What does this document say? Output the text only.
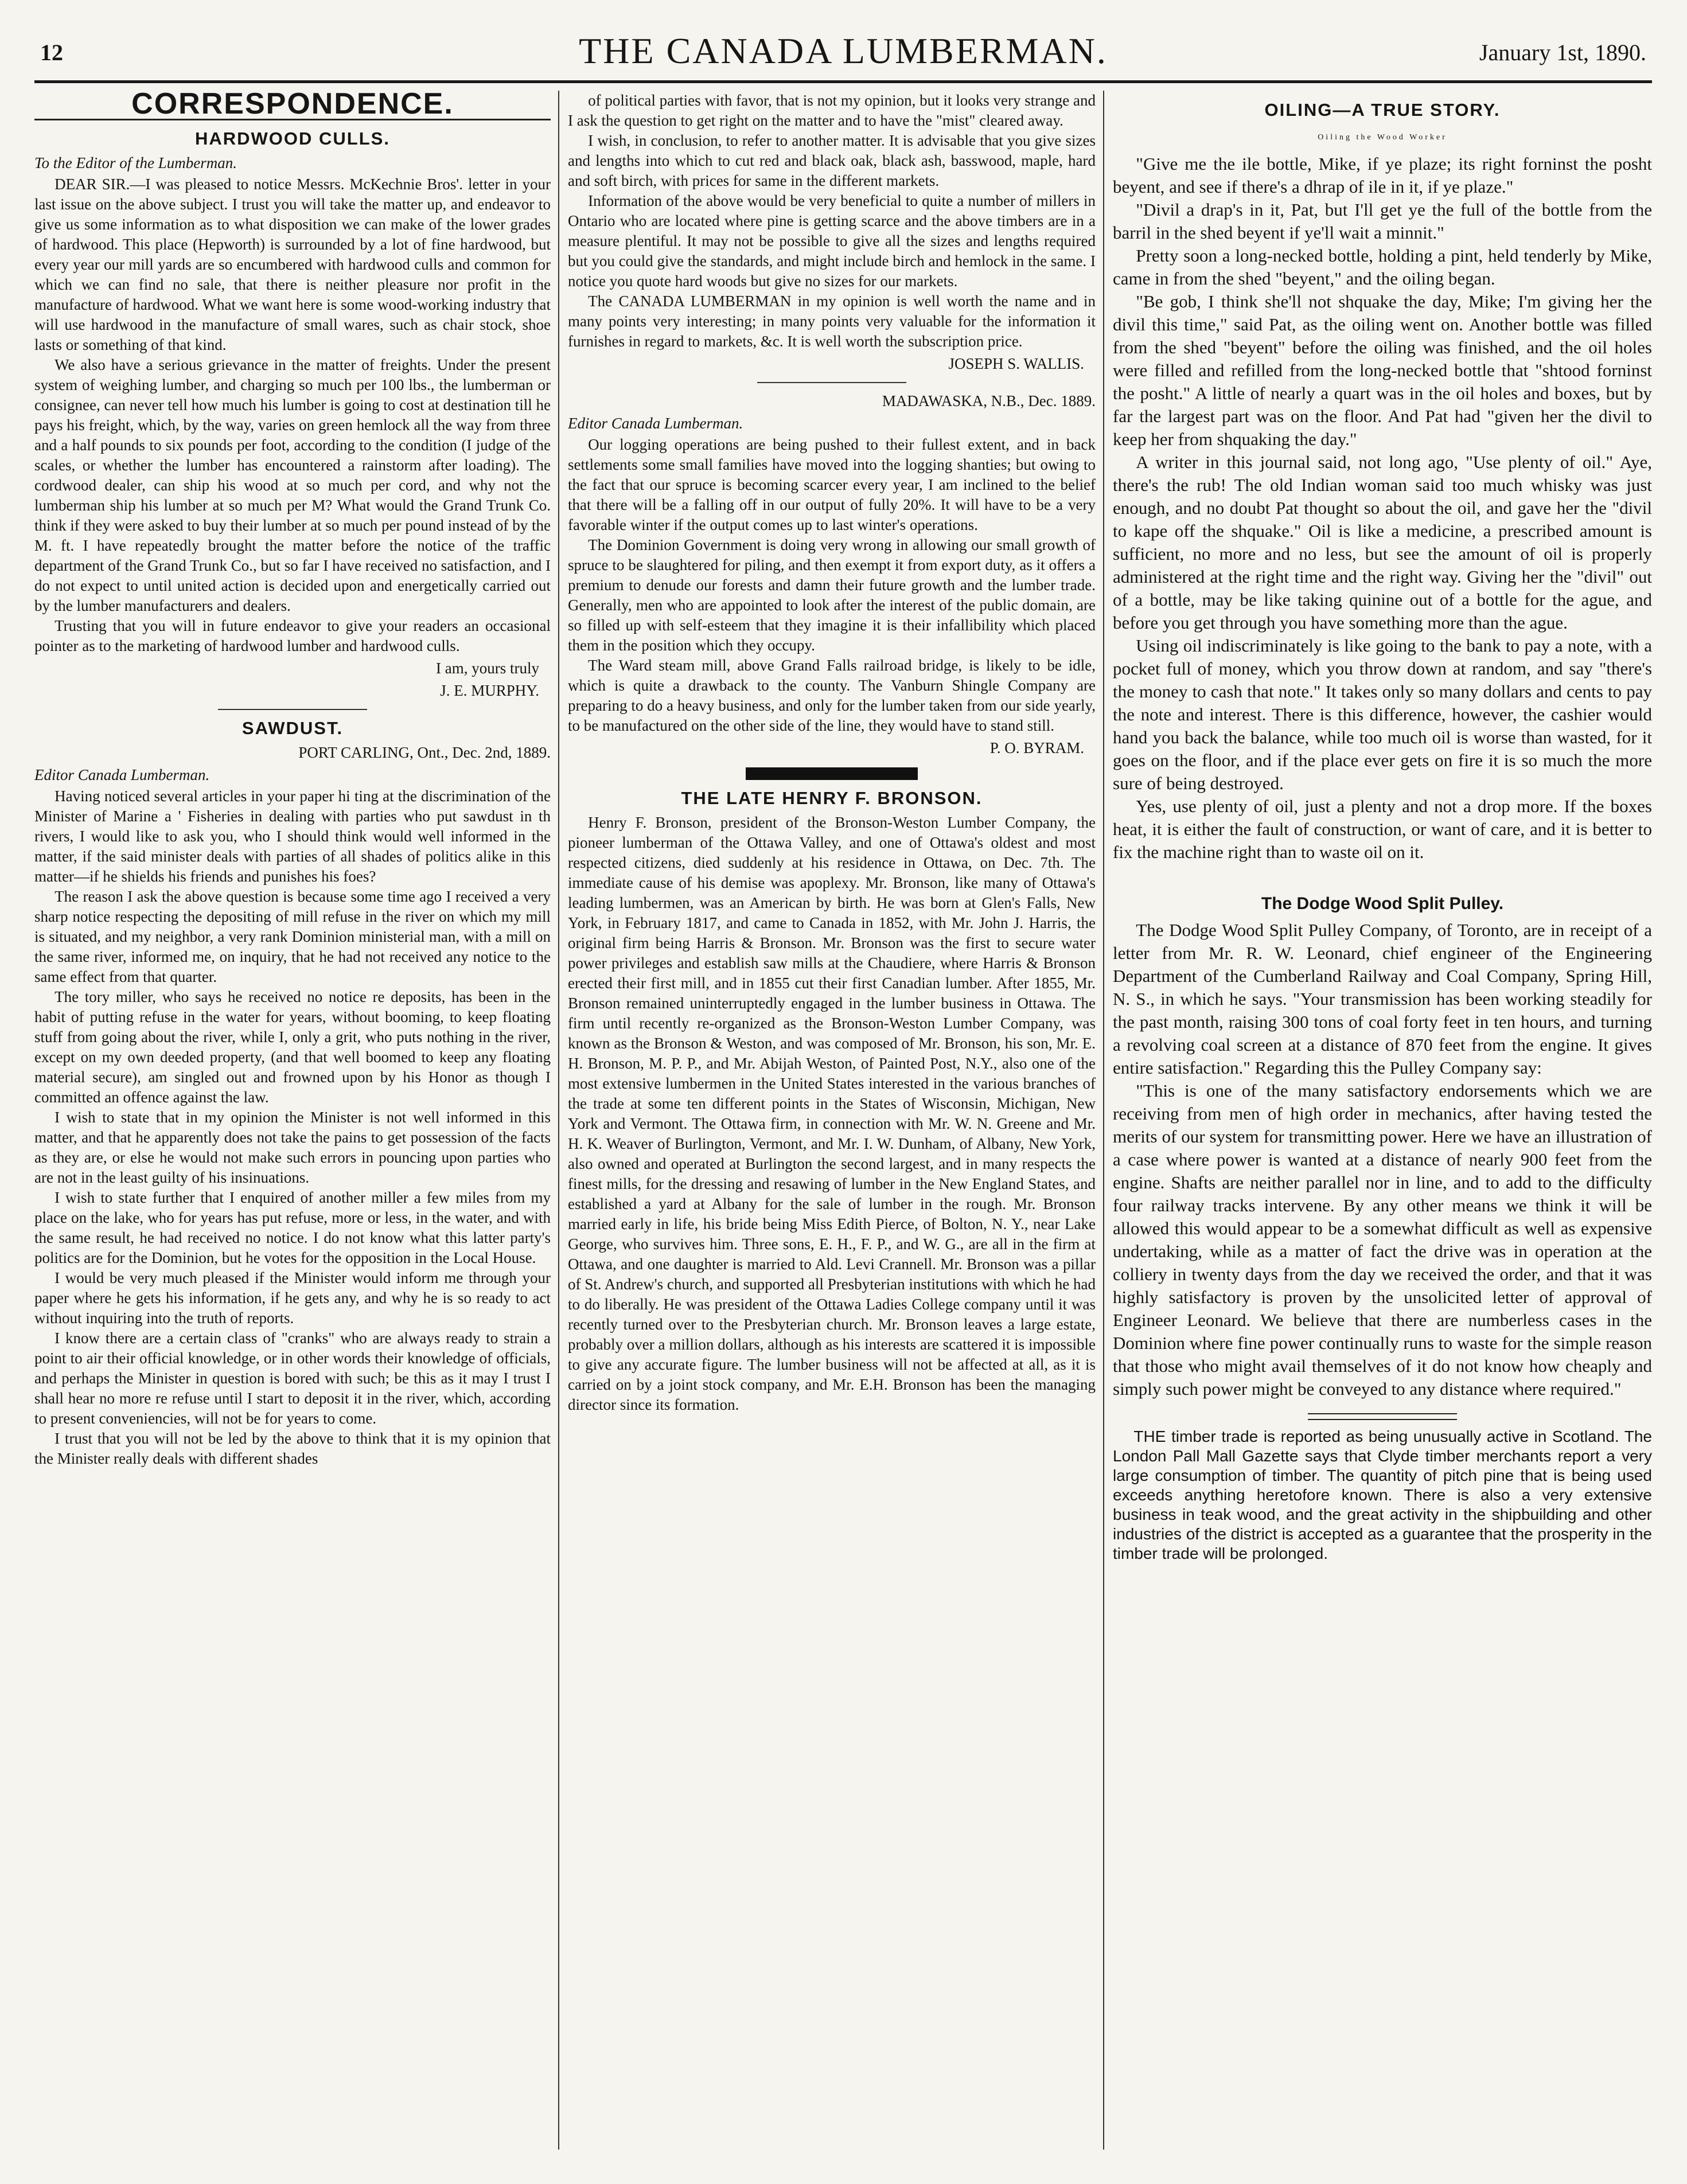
12	THE CANADA LUMBERMAN.	January 1st, 1890.
CORRESPONDENCE.
HARDWOOD CULLS.
To the Editor of the Lumberman.

DEAR SIR.—I was pleased to notice Messrs. McKechnie Bros'. letter in your last issue on the above subject. I trust you will take the matter up, and endeavor to give us some information as to what disposition we can make of the lower grades of hardwood. This place (Hepworth) is surrounded by a lot of fine hardwood, but every year our mill yards are so encumbered with hardwood culls and common for which we can find no sale, that there is neither pleasure nor profit in the manufacture of hardwood. What we want here is some wood-working industry that will use hardwood in the manufacture of small wares, such as chair stock, shoe lasts or something of that kind.

We also have a serious grievance in the matter of freights. Under the present system of weighing lumber, and charging so much per 100 lbs., the lumberman or consignee, can never tell how much his lumber is going to cost at destination till he pays his freight, which, by the way, varies on green hemlock all the way from three and a half pounds to six pounds per foot, according to the condition (I judge of the scales, or whether the lumber has encountered a rainstorm after loading). The cordwood dealer, can ship his wood at so much per cord, and why not the lumberman ship his lumber at so much per M? What would the Grand Trunk Co. think if they were asked to buy their lumber at so much per pound instead of by the M. ft. I have repeatedly brought the matter before the notice of the traffic department of the Grand Trunk Co., but so far I have received no satisfaction, and I do not expect to until united action is decided upon and energetically carried out by the lumber manufacturers and dealers.

Trusting that you will in future endeavor to give your readers an occasional pointer as to the marketing of hardwood lumber and hardwood culls.

I am, yours truly
J. E. MURPHY.
SAWDUST.
PORT CARLING, Ont., Dec. 2nd, 1889.
Editor Canada Lumberman.

Having noticed several articles in your paper hi ting at the discrimination of the Minister of Marine a ' Fisheries in dealing with parties who put sawdust in th rivers, I would like to ask you, who I should think would well informed in the matter, if the said minister deals with parties of all shades of politics alike in this matter—if he shields his friends and punishes his foes?

The reason I ask the above question is because some time ago I received a very sharp notice respecting the depositing of mill refuse in the river on which my mill is situated, and my neighbor, a very rank Dominion ministerial man, with a mill on the same river, informed me, on inquiry, that he had not received any notice to the same effect from that quarter.

The tory miller, who says he received no notice re deposits, has been in the habit of putting refuse in the water for years, without booming, to keep floating stuff from going about the river, while I, only a grit, who puts nothing in the river, except on my own deeded property, (and that well boomed to keep any floating material secure), am singled out and frowned upon by his Honor as though I committed an offence against the law.

I wish to state that in my opinion the Minister is not well informed in this matter, and that he apparently does not take the pains to get possession of the facts as they are, or else he would not make such errors in pouncing upon parties who are not in the least guilty of his insinuations.

I wish to state further that I enquired of another miller a few miles from my place on the lake, who for years has put refuse, more or less, in the water, and with the same result, he had received no notice. I do not know what this latter party's politics are for the Dominion, but he votes for the opposition in the Local House.

I would be very much pleased if the Minister would inform me through your paper where he gets his information, if he gets any, and why he is so ready to act without inquiring into the truth of reports.

I know there are a certain class of "cranks" who are always ready to strain a point to air their official knowledge, or in other words their knowledge of officials, and perhaps the Minister in question is bored with such; be this as it may I trust I shall hear no more re refuse until I start to deposit it in the river, which, according to present conveniencies, will not be for years to come.

I trust that you will not be led by the above to think that it is my opinion that the Minister really deals with different shades

of political parties with favor, that is not my opinion, but it looks very strange and I ask the question to get right on the matter and to have the "mist" cleared away.

I wish, in conclusion, to refer to another matter. It is advisable that you give sizes and lengths into which to cut red and black oak, black ash, basswood, maple, hard and soft birch, with prices for same in the different markets.

Information of the above would be very beneficial to quite a number of millers in Ontario who are located where pine is getting scarce and the above timbers are in a measure plentiful. It may not be possible to give all the sizes and lengths required but you could give the standards, and might include birch and hemlock in the same. I notice you quote hard woods but give no sizes for our markets.

The CANADA LUMBERMAN in my opinion is well worth the name and in many points very interesting; in many points very valuable for the information it furnishes in regard to markets, &c. It is well worth the subscription price.

JOSEPH S. WALLIS.
MADAWASKA, N.B., Dec. 1889.
Editor Canada Lumberman.

Our logging operations are being pushed to their fullest extent, and in back settlements some small families have moved into the logging shanties; but owing to the fact that our spruce is becoming scarcer every year, I am inclined to the belief that there will be a falling off in our output of fully 20%. It will have to be a very favorable winter if the output comes up to last winter's operations.

The Dominion Government is doing very wrong in allowing our small growth of spruce to be slaughtered for piling, and then exempt it from export duty, as it offers a premium to denude our forests and damn their future growth and the lumber trade. Generally, men who are appointed to look after the interest of the public domain, are so filled up with self-esteem that they imagine it is their infallibility which placed them in the position which they occupy.

The Ward steam mill, above Grand Falls railroad bridge, is likely to be idle, which is quite a drawback to the county. The Vanburn Shingle Company are preparing to do a heavy business, and only for the lumber taken from our side yearly, to be manufactured on the other side of the line, they would have to stand still.

P. O. BYRAM.
THE LATE HENRY F. BRONSON.

Henry F. Bronson, president of the Bronson-Weston Lumber Company, the pioneer lumberman of the Ottawa Valley, and one of Ottawa's oldest and most respected citizens, died suddenly at his residence in Ottawa, on Dec. 7th. The immediate cause of his demise was apoplexy. Mr. Bronson, like many of Ottawa's leading lumbermen, was an American by birth. He was born at Glen's Falls, New York, in February 1817, and came to Canada in 1852, with Mr. John J. Harris, the original firm being Harris & Bronson. Mr. Bronson was the first to secure water power privileges and establish saw mills at the Chaudiere, where Harris & Bronson erected their first mill, and in 1855 cut their first Canadian lumber. After 1855, Mr. Bronson remained uninterruptedly engaged in the lumber business in Ottawa. The firm until recently re-organized as the Bronson-Weston Lumber Company, was known as the Bronson & Weston, and was composed of Mr. Bronson, his son, Mr. E. H. Bronson, M. P. P., and Mr. Abijah Weston, of Painted Post, N.Y., also one of the most extensive lumbermen in the United States interested in the various branches of the trade at some ten different points in the States of Wisconsin, Michigan, New York and Vermont. The Ottawa firm, in connection with Mr. W. N. Greene and Mr. H. K. Weaver of Burlington, Vermont, and Mr. I. W. Dunham, of Albany, New York, also owned and operated at Burlington the second largest, and in many respects the finest mills, for the dressing and resawing of lumber in the New England States, and established a yard at Albany for the sale of lumber in the rough. Mr. Bronson married early in life, his bride being Miss Edith Pierce, of Bolton, N. Y., near Lake George, who survives him. Three sons, E. H., F. P., and W. G., are all in the firm at Ottawa, and one daughter is married to Ald. Levi Crannell. Mr. Bronson was a pillar of St. Andrew's church, and supported all Presbyterian institutions with which he had to do liberally. He was president of the Ottawa Ladies College company until it was recently turned over to the Presbyterian church. Mr. Bronson leaves a large estate, probably over a million dollars, although as his interests are scattered it is impossible to give any accurate figure. The lumber business will not be affected at all, as it is carried on by a joint stock company, and Mr. E.H. Bronson has been the managing director since its formation.

OILING—A TRUE STORY.
Oiling the Wood Worker

"Give me the ile bottle, Mike, if ye plaze; its right forninst the posht beyent, and see if there's a dhrap of ile in it, if ye plaze."

"Divil a drap's in it, Pat, but I'll get ye the full of the bottle from the barril in the shed beyent if ye'll wait a minnit."

Pretty soon a long-necked bottle, holding a pint, held tenderly by Mike, came in from the shed "beyent," and the oiling began.

"Be gob, I think she'll not shquake the day, Mike; I'm giving her the divil this time," said Pat, as the oiling went on. Another bottle was filled from the shed "beyent" before the oiling was finished, and the oil holes were filled and refilled from the long-necked bottle that "shtood forninst the posht." A little of nearly a quart was in the oil holes and boxes, but by far the largest part was on the floor. And Pat had "given her the divil to keep her from shquaking the day."

A writer in this journal said, not long ago, "Use plenty of oil." Aye, there's the rub! The old Indian woman said too much whisky was just enough, and no doubt Pat thought so about the oil, and gave her the "divil to kape off the shquake." Oil is like a medicine, a prescribed amount is sufficient, no more and no less, but see the amount of oil is properly administered at the right time and the right way. Giving her the "divil" out of a bottle, may be like taking quinine out of a bottle for the ague, and before you get through you have something more than the ague.

Using oil indiscriminately is like going to the bank to pay a note, with a pocket full of money, which you throw down at random, and say "there's the money to cash that note." It takes only so many dollars and cents to pay the note and interest. There is this difference, however, the cashier would hand you back the balance, while too much oil is worse than wasted, for it goes on the floor, and if the place ever gets on fire it is so much the more sure of being destroyed.

Yes, use plenty of oil, just a plenty and not a drop more. If the boxes heat, it is either the fault of construction, or want of care, and it is better to fix the machine right than to waste oil on it.

The Dodge Wood Split Pulley.

The Dodge Wood Split Pulley Company, of Toronto, are in receipt of a letter from Mr. R. W. Leonard, chief engineer of the Engineering Department of the Cumberland Railway and Coal Company, Spring Hill, N. S., in which he says. "Your transmission has been working steadily for the past month, raising 300 tons of coal forty feet in ten hours, and turning a revolving coal screen at a distance of 870 feet from the engine. It gives entire satisfaction." Regarding this the Pulley Company say:

"This is one of the many satisfactory endorsements which we are receiving from men of high order in mechanics, after having tested the merits of our system for transmitting power. Here we have an illustration of a case where power is wanted at a distance of nearly 900 feet from the engine. Shafts are neither parallel nor in line, and to add to the difficulty four railway tracks intervene. By any other means we think it will be allowed this would appear to be a somewhat difficult as well as expensive undertaking, while as a matter of fact the drive was in operation at the colliery in twenty days from the day we received the order, and that it was highly satisfactory is proven by the unsolicited letter of approval of Engineer Leonard. We believe that there are numberless cases in the Dominion where fine power continually runs to waste for the simple reason that those who might avail themselves of it do not know how cheaply and simply such power might be conveyed to any distance where required."

THE timber trade is reported as being unusually active in Scotland. The London Pall Mall Gazette says that Clyde timber merchants report a very large consumption of timber. The quantity of pitch pine that is being used exceeds anything heretofore known. There is also a very extensive business in teak wood, and the great activity in the shipbuilding and other industries of the district is accepted as a guarantee that the prosperity in the timber trade will be prolonged.
